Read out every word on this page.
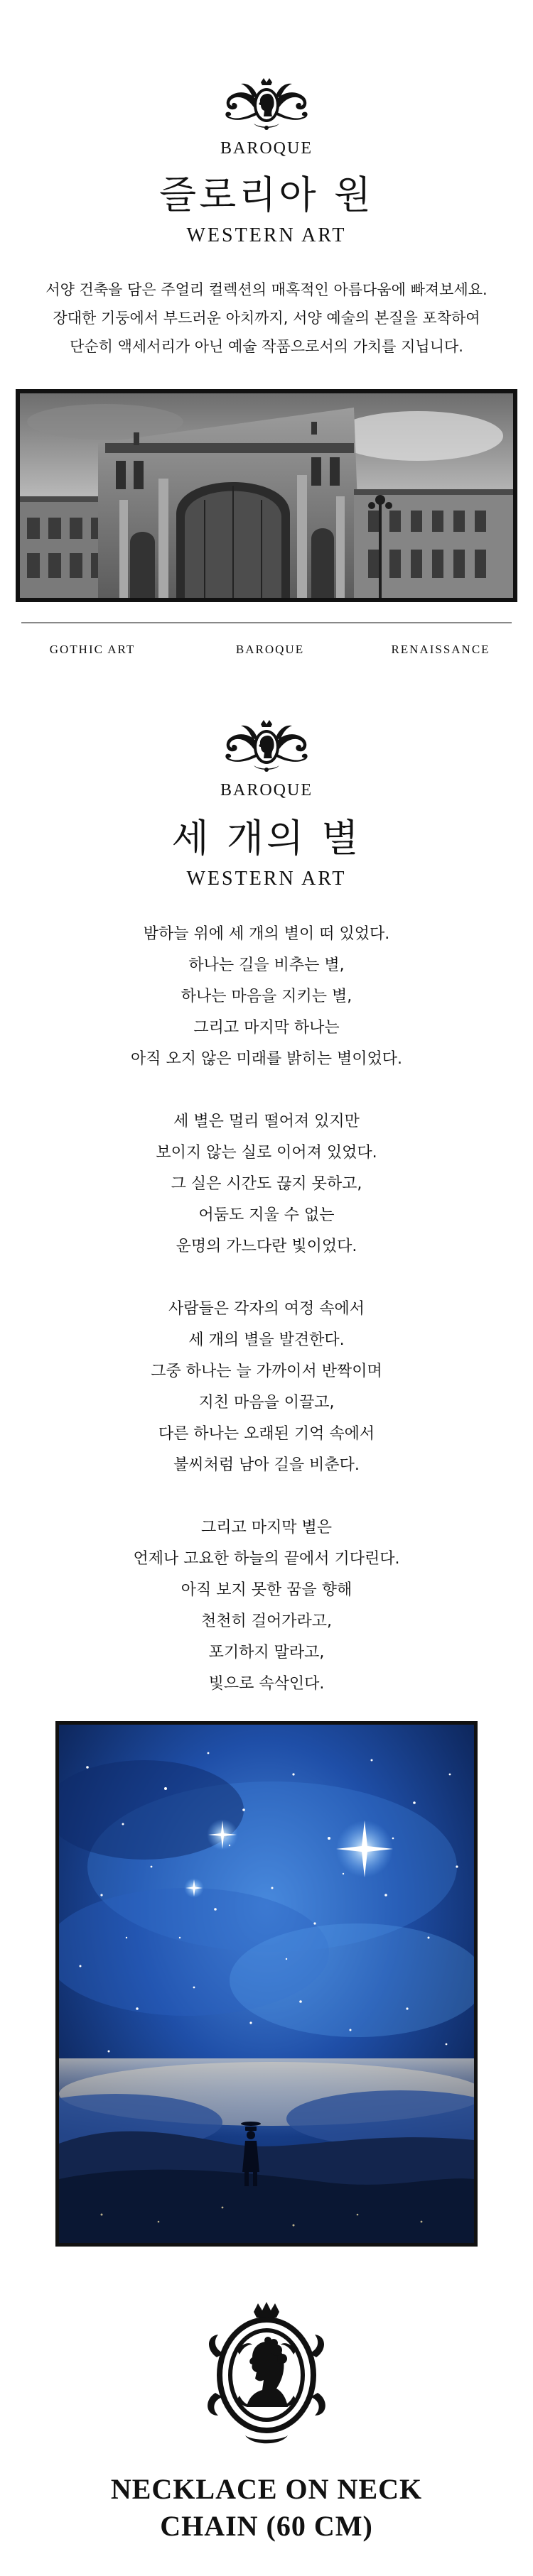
BAROQUE
즐로리아 원
WESTERN ART
서양 건축을 담은 주얼리 컬렉션의 매혹적인 아름다움에 빠져보세요.
장대한 기둥에서 부드러운 아치까지, 서양 예술의 본질을 포착하여
단순히 액세서리가 아닌 예술 작품으로서의 가치를 지닙니다.
GOTHIC ART	BAROQUE	RENAISSANCE
BAROQUE
세 개의 별
WESTERN ART
밤하늘 위에 세 개의 별이 떠 있었다.
하나는 길을 비추는 별,
하나는 마음을 지키는 별,
그리고 마지막 하나는
아직 오지 않은 미래를 밝히는 별이었다.
세 별은 멀리 떨어져 있지만
보이지 않는 실로 이어져 있었다.
그 실은 시간도 끊지 못하고,
어둠도 지울 수 없는
운명의 가느다란 빛이었다.
사람들은 각자의 여정 속에서
세 개의 별을 발견한다.
그중 하나는 늘 가까이서 반짝이며
지친 마음을 이끌고,
다른 하나는 오래된 기억 속에서
불씨처럼 남아 길을 비춘다.
그리고 마지막 별은
언제나 고요한 하늘의 끝에서 기다린다.
아직 보지 못한 꿈을 향해
천천히 걸어가라고,
포기하지 말라고,
빛으로 속삭인다.
NECKLACE ON NECK
CHAIN (60 CM)
